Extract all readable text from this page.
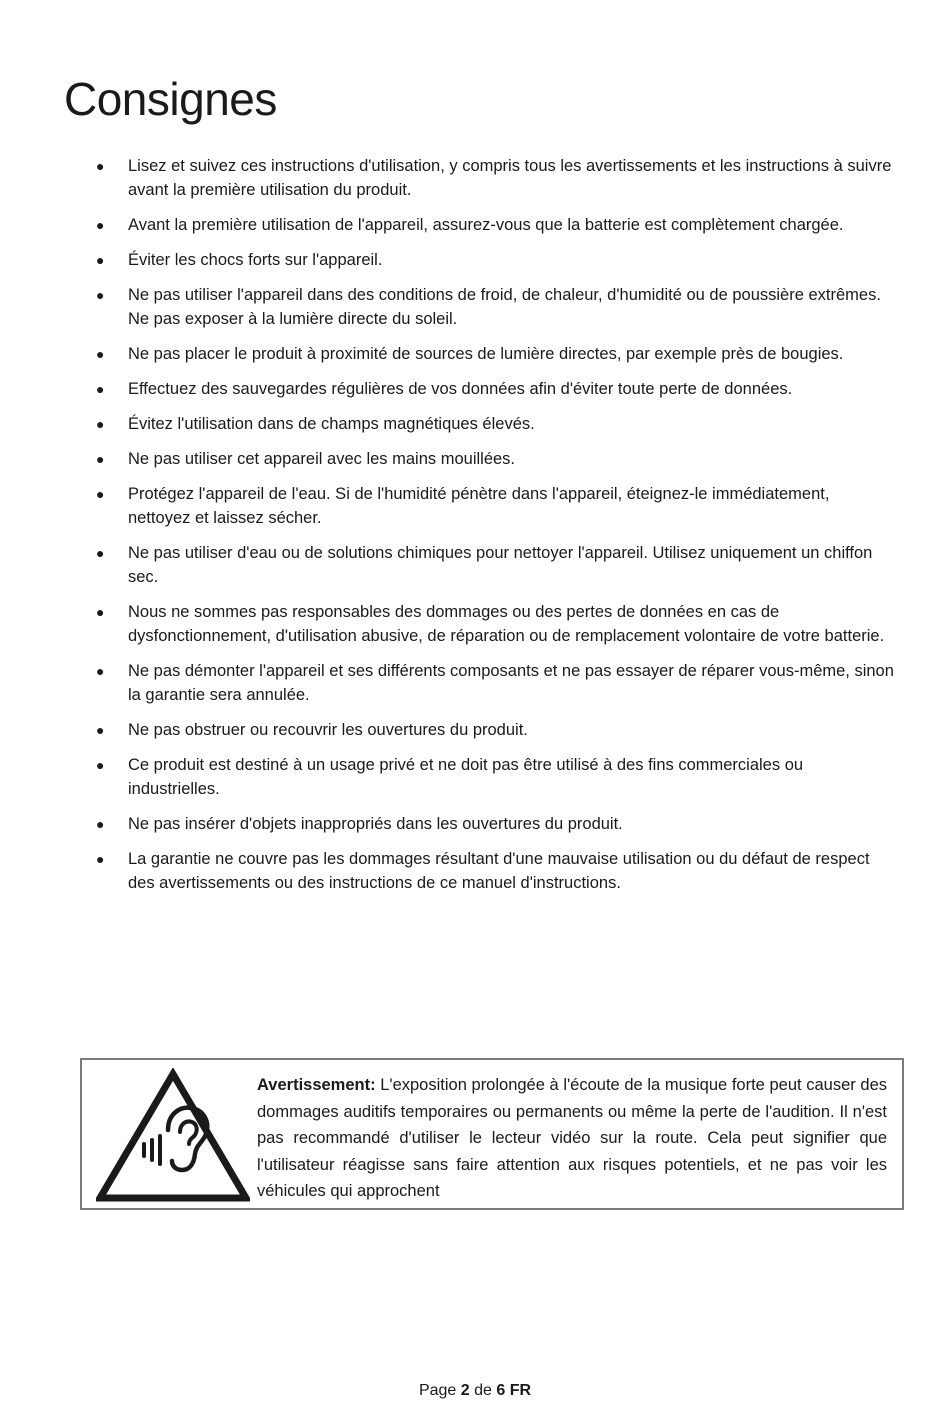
Consignes
● Lisez et suivez ces instructions d'utilisation, y compris tous les avertissements et les instructions à suivre avant la première utilisation du produit.
● Avant la première utilisation de l'appareil, assurez-vous que la batterie est complètement chargée.
● Éviter les chocs forts sur l'appareil.
● Ne pas utiliser l'appareil dans des conditions de froid, de chaleur, d'humidité ou de poussière extrêmes. Ne pas exposer à la lumière directe du soleil.
● Ne pas placer le produit à proximité de sources de lumière directes, par exemple près de bougies.
● Effectuez des sauvegardes régulières de vos données afin d'éviter toute perte de données.
● Évitez l'utilisation dans de champs magnétiques élevés.
● Ne pas utiliser cet appareil avec les mains mouillées.
● Protégez l'appareil de l'eau. Si de l'humidité pénètre dans l'appareil, éteignez-le immédiatement, nettoyez et laissez sécher.
● Ne pas utiliser d'eau ou de solutions chimiques pour nettoyer l'appareil. Utilisez uniquement un chiffon sec.
● Nous ne sommes pas responsables des dommages ou des pertes de données en cas de dysfonctionnement, d'utilisation abusive, de réparation ou de remplacement volontaire de votre batterie.
● Ne pas démonter l'appareil et ses différents composants et ne pas essayer de réparer vous-même, sinon la garantie sera annulée.
● Ne pas obstruer ou recouvrir les ouvertures du produit.
● Ce produit est destiné à un usage privé et ne doit pas être utilisé à des fins commerciales ou industrielles.
● Ne pas insérer d'objets inappropriés dans les ouvertures du produit.
● La garantie ne couvre pas les dommages résultant d'une mauvaise utilisation ou du défaut de respect des avertissements ou des instructions de ce manuel d'instructions.

Avertissement: L'exposition prolongée à l'écoute de la musique forte peut causer des dommages auditifs temporaires ou permanents ou même la perte de l'audition. Il n'est pas recommandé d'utiliser le lecteur vidéo sur la route. Cela peut signifier que l'utilisateur réagisse sans faire attention aux risques potentiels, et ne pas voir les véhicules qui approchent

Page 2 de 6 FR
